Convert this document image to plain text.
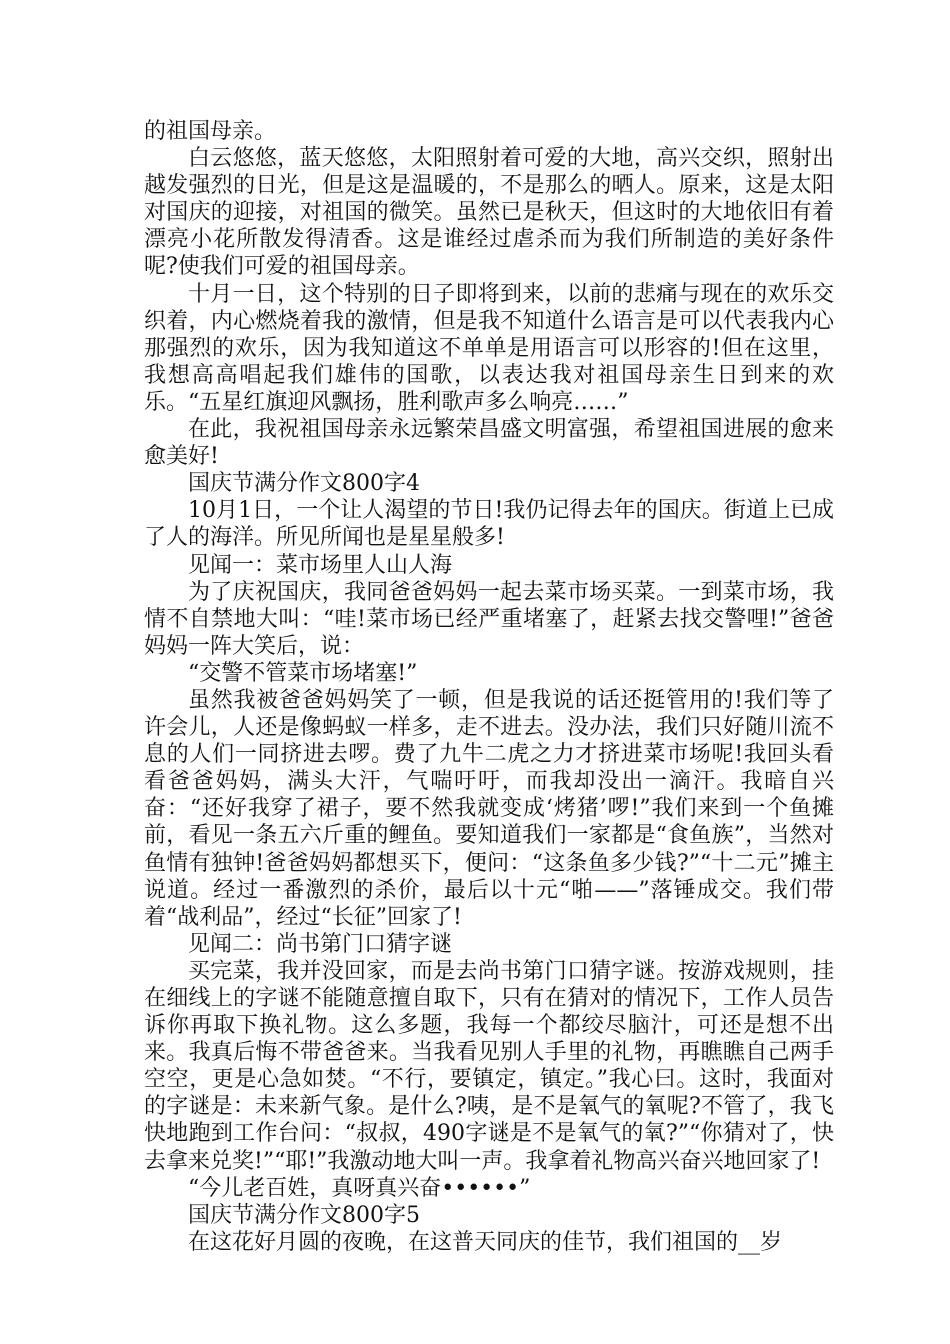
的祖国母亲。

白云悠悠，蓝天悠悠，太阳照射着可爱的大地，高兴交织，照射出越发强烈的日光，但是这是温暖的，不是那么的晒人。原来，这是太阳对国庆的迎接，对祖国的微笑。虽然已是秋天，但这时的大地依旧有着漂亮小花所散发得清香。这是谁经过虐杀而为我们所制造的美好条件呢?使我们可爱的祖国母亲。

十月一日，这个特别的日子即将到来，以前的悲痛与现在的欢乐交织着，内心燃烧着我的激情，但是我不知道什么语言是可以代表我内心那强烈的欢乐，因为我知道这不单单是用语言可以形容的!但在这里，我想高高唱起我们雄伟的国歌，以表达我对祖国母亲生日到来的欢乐。“五星红旗迎风飘扬，胜利歌声多么响亮……”

在此，我祝祖国母亲永远繁荣昌盛文明富强，希望祖国进展的愈来愈美好!

国庆节满分作文800字4

10月1日，一个让人渴望的节日!我仍记得去年的国庆。街道上已成了人的海洋。所见所闻也是星星般多!

见闻一：菜市场里人山人海

为了庆祝国庆，我同爸爸妈妈一起去菜市场买菜。一到菜市场，我情不自禁地大叫：“哇!菜市场已经严重堵塞了，赶紧去找交警哩!”爸爸妈妈一阵大笑后，说：

“交警不管菜市场堵塞!”

虽然我被爸爸妈妈笑了一顿，但是我说的话还挺管用的!我们等了许会儿，人还是像蚂蚁一样多，走不进去。没办法，我们只好随川流不息的人们一同挤进去啰。费了九牛二虎之力才挤进菜市场呢!我回头看看爸爸妈妈，满头大汗，气喘吁吁，而我却没出一滴汗。我暗自兴奋：“还好我穿了裙子，要不然我就变成‘烤猪’啰!”我们来到一个鱼摊前，看见一条五六斤重的鲤鱼。要知道我们一家都是“食鱼族”，当然对鱼情有独钟!爸爸妈妈都想买下，便问：“这条鱼多少钱?”“十二元”摊主说道。经过一番激烈的杀价，最后以十元“啪——”落锤成交。我们带着“战利品”，经过“长征”回家了!

见闻二：尚书第门口猜字谜

买完菜，我并没回家，而是去尚书第门口猜字谜。按游戏规则，挂在细线上的字谜不能随意擅自取下，只有在猜对的情况下，工作人员告诉你再取下换礼物。这么多题，我每一个都绞尽脑汁，可还是想不出来。我真后悔不带爸爸来。当我看见别人手里的礼物，再瞧瞧自己两手空空，更是心急如焚。“不行，要镇定，镇定。”我心曰。这时，我面对的字谜是：未来新气象。是什么?咦，是不是氧气的氧呢?不管了，我飞快地跑到工作台问：“叔叔，490字谜是不是氧气的氧?”“你猜对了，快去拿来兑奖!”“耶!”我激动地大叫一声。我拿着礼物高兴奋兴地回家了!

“今儿老百姓，真呀真兴奋••••••”

国庆节满分作文800字5

在这花好月圆的夜晚，在这普天同庆的佳节，我们祖国的__岁
